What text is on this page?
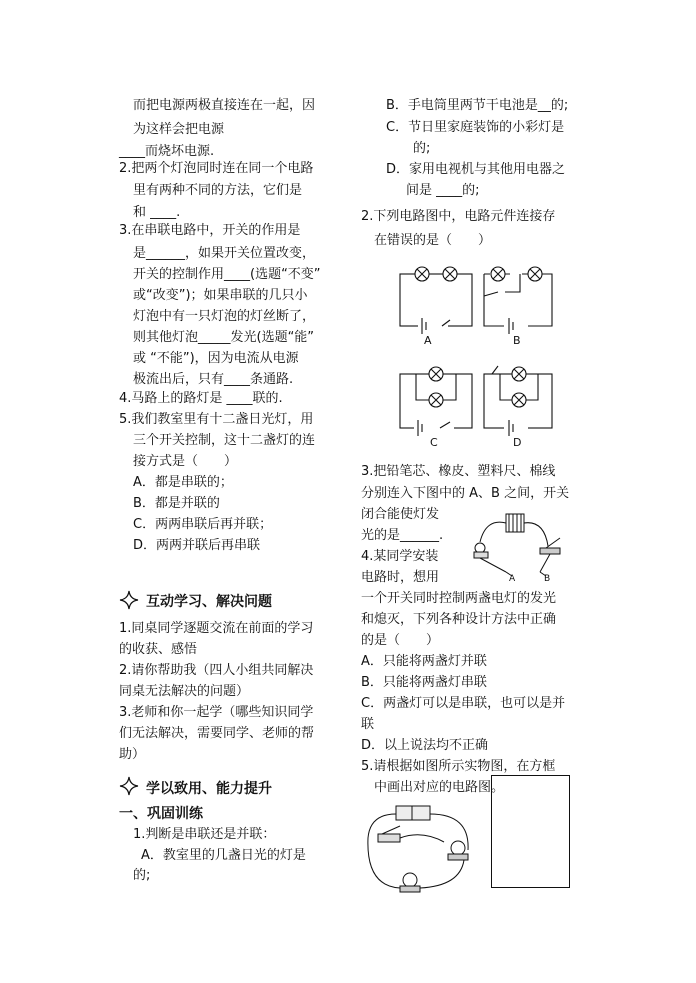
而把电源两极直接连在一起，因
为这样会把电源
____而烧坏电源.
2.把两个灯泡同时连在同一个电路
里有两种不同的方法，它们是
和 ____.
3.在串联电路中，开关的作用是
是______，如果开关位置改变，
开关的控制作用____(选题“不变”
或“改变”)；如果串联的几只小
灯泡中有一只灯泡的灯丝断了，
则其他灯泡_____发光(选题“能”
或 “不能”)，因为电流从电源
极流出后，只有____条通路.
4.马路上的路灯是 ____联的.
5.我们教室里有十二盏日光灯，用
三个开关控制，这十二盏灯的连
接方式是（　　）
A．都是串联的；
B．都是并联的
C．两两串联后再并联；
D．两两并联后再串联
互动学习、解决问题
1.同桌同学逐题交流在前面的学习
的收获、感悟
2.请你帮助我（四人小组共同解决
同桌无法解决的问题）
3.老师和你一起学（哪些知识同学
们无法解决，需要同学、老师的帮
助）
学以致用、能力提升
一、巩固训练
1.判断是串联还是并联：
A．教室里的几盏日光的灯是
的;
B．手电筒里两节干电池是__的;
C．节日里家庭装饰的小彩灯是
的;
D．家用电视机与其他用电器之
间是 ____的;
2.下列电路图中，电路元件连接存
在错误的是（　　）
A	B
C	D
3.把铅笔芯、橡皮、塑料尺、棉线
分别连入下图中的 A、B 之间，开关
闭合能使灯发
光的是______.
A	B
4.某同学安装
电路时，想用
一个开关同时控制两盏电灯的发光
和熄灭，下列各种设计方法中正确
的是（　　）
A．只能将两盏灯并联
B．只能将两盏灯串联
C．两盏灯可以是串联，也可以是并
联
D．以上说法均不正确
5.请根据如图所示实物图，在方框
中画出对应的电路图。
